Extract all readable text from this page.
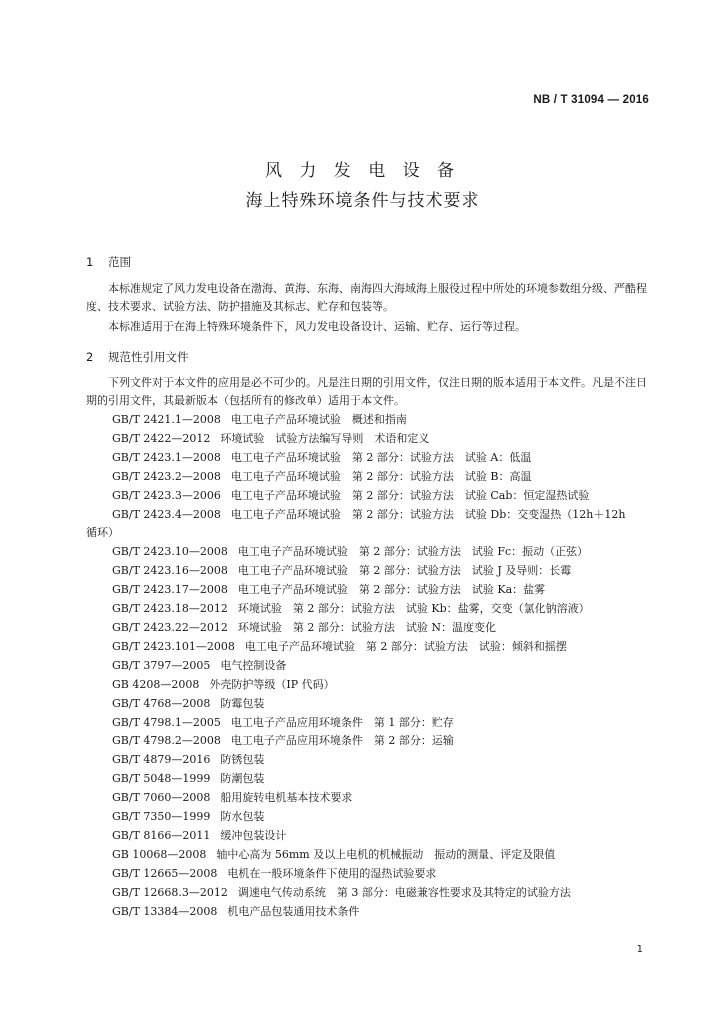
NB / T 31094 — 2016
风 力 发 电 设 备
海上特殊环境条件与技术要求
1 范围
本标准规定了风力发电设备在渤海、黄海、东海、南海四大海域海上服役过程中所处的环境参数组分级、严酷程度、技术要求、试验方法、防护措施及其标志、贮存和包装等。
本标准适用于在海上特殊环境条件下，风力发电设备设计、运输、贮存、运行等过程。
2 规范性引用文件
下列文件对于本文件的应用是必不可少的。凡是注日期的引用文件，仅注日期的版本适用于本文件。凡是不注日期的引用文件，其最新版本（包括所有的修改单）适用于本文件。
GB/T 2421.1—2008 电工电子产品环境试验　概述和指南
GB/T 2422—2012 环境试验　试验方法编写导则　术语和定义
GB/T 2423.1—2008 电工电子产品环境试验　第 2 部分：试验方法　试验 A：低温
GB/T 2423.2—2008 电工电子产品环境试验　第 2 部分：试验方法　试验 B：高温
GB/T 2423.3—2006 电工电子产品环境试验　第 2 部分：试验方法　试验 Cab：恒定湿热试验
GB/T 2423.4—2008 电工电子产品环境试验　第 2 部分：试验方法　试验 Db：交变湿热（12h＋12h
循环）
GB/T 2423.10—2008 电工电子产品环境试验　第 2 部分：试验方法　试验 Fc：振动（正弦）
GB/T 2423.16—2008 电工电子产品环境试验　第 2 部分：试验方法　试验 J 及导则：长霉
GB/T 2423.17—2008 电工电子产品环境试验　第 2 部分：试验方法　试验 Ka：盐雾
GB/T 2423.18—2012 环境试验　第 2 部分：试验方法　试验 Kb：盐雾，交变（氯化钠溶液）
GB/T 2423.22—2012 环境试验　第 2 部分：试验方法　试验 N：温度变化
GB/T 2423.101—2008 电工电子产品环境试验　第 2 部分：试验方法　试验：倾斜和摇摆
GB/T 3797—2005 电气控制设备
GB 4208—2008 外壳防护等级（IP 代码）
GB/T 4768—2008 防霉包装
GB/T 4798.1—2005 电工电子产品应用环境条件　第 1 部分：贮存
GB/T 4798.2—2008 电工电子产品应用环境条件　第 2 部分：运输
GB/T 4879—2016 防锈包装
GB/T 5048—1999 防潮包装
GB/T 7060—2008 船用旋转电机基本技术要求
GB/T 7350—1999 防水包装
GB/T 8166—2011 缓冲包装设计
GB 10068—2008 轴中心高为 56mm 及以上电机的机械振动　振动的测量、评定及限值
GB/T 12665—2008 电机在一般环境条件下使用的湿热试验要求
GB/T 12668.3—2012 调速电气传动系统　第 3 部分：电磁兼容性要求及其特定的试验方法
GB/T 13384—2008 机电产品包装通用技术条件
1
